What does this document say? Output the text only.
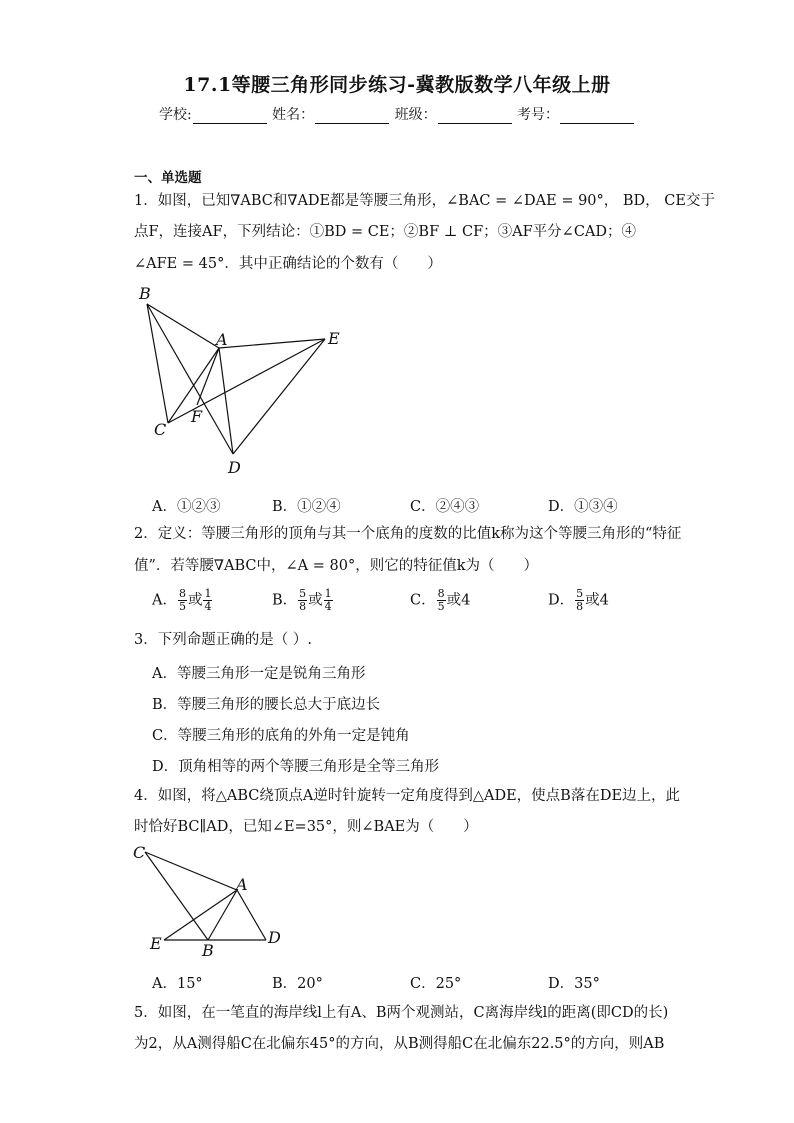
17.1等腰三角形同步练习-冀教版数学八年级上册
学校:	姓名：	班级：	考号：
一、单选题
1．如图，已知∇ABC和∇ADE都是等腰三角形，∠BAC = ∠DAE = 90°， BD， CE交于
点F，连接AF，下列结论：①BD = CE；②BF ⊥ CF；③AF平分∠CAD；④
∠AFE = 45°．其中正确结论的个数有（　　）
B
A	E
C
F
D
A．①②③	B．①②④	C．②④③	D．①③④
2．定义：等腰三角形的顶角与其一个底角的度数的比值k称为这个等腰三角形的“特征
值”．若等腰∇ABC中，∠A = 80°，则它的特征值k为（　　）
A． $\frac{8}{5}$ 或 $\frac{1}{4}$	B． $\frac{5}{8}$ 或 $\frac{1}{4}$	C． $\frac{8}{5}$ 或4	D． $\frac{5}{8}$ 或4
3．下列命题正确的是（ ）.
A．等腰三角形一定是锐角三角形
B．等腰三角形的腰长总大于底边长
C．等腰三角形的底角的外角一定是钝角
D．顶角相等的两个等腰三角形是全等三角形
4．如图，将△ABC绕顶点A逆时针旋转一定角度得到△ADE，使点B落在DE边上，此
时恰好BC∥AD，已知∠E=35°，则∠BAE为（　　）
C
A
E	B
D
A．15°	B．20°	C．25°	D．35°
5．如图，在一笔直的海岸线l上有A、B两个观测站，C离海岸线l的距离(即CD的长)
为2，从A测得船C在北偏东45°的方向，从B测得船C在北偏东22.5°的方向，则AB
